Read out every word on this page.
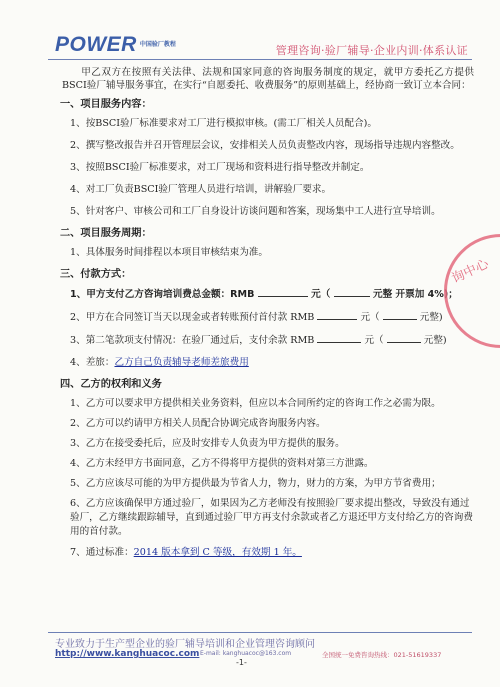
POWER 中国验厂教程	管理咨询·验厂辅导·企业内训·体系认证

甲乙双方在按照有关法律、法规和国家同意的咨询服务制度的规定，就甲方委托乙方提供BSCI验厂辅导服务事宜，在实行“自愿委托、收费服务”的原则基础上，经协商一致订立本合同：

一、项目服务内容：
1、按BSCI验厂标准要求对工厂进行模拟审核。(需工厂相关人员配合)。
2、撰写整改报告并召开管理层会议，安排相关人员负责整改内容，现场指导违规内容整改。
3、按照BSCI验厂标准要求，对工厂现场和资料进行指导整改并制定。
4、对工厂负责BSCI验厂管理人员进行培训，讲解验厂要求。
5、针对客户、审核公司和工厂自身设计访谈问题和答案，现场集中工人进行宣导培训。
二、项目服务周期：
1、具体服务时间排程以本项目审核结束为准。
三、付款方式：
1、甲方支付乙方咨询培训费总金额：RMB	元（	元整 开票加 4%)；
2、甲方在合同签订当天以现金或者转账预付首付款 RMB	元（	元整)
3、第二笔款项支付情况：在验厂通过后，支付余款 RMB	元（	元整)
4、差旅：乙方自己负责辅导老师差旅费用
四、乙方的权利和义务
1、乙方可以要求甲方提供相关业务资料，但应以本合同所约定的咨询工作之必需为限。
2、乙方可以约请甲方相关人员配合协调完成咨询服务内容。
3、乙方在接受委托后，应及时安排专人负责为甲方提供的服务。
4、乙方未经甲方书面同意，乙方不得将甲方提供的资料对第三方泄露。
5、乙方应该尽可能的为甲方提供最为节省人力，物力，财力的方案，为甲方节省费用；
6、乙方应该确保甲方通过验厂，如果因为乙方老师没有按照验厂要求提出整改，导致没有通过验厂，乙方继续跟踪辅导，直到通过验厂甲方再支付余款或者乙方退还甲方支付给乙方的咨询费用的首付款。
7、通过标准：2014 版本拿到 C 等级，有效期 1 年。
询中心
专业致力于生产型企业的验厂辅导培训和企业管理咨询顾问
http://www.kanghuacoc.com E-mail: kanghuacoc@163.com	全国统一免费咨询热线：021-51619337
-1-
